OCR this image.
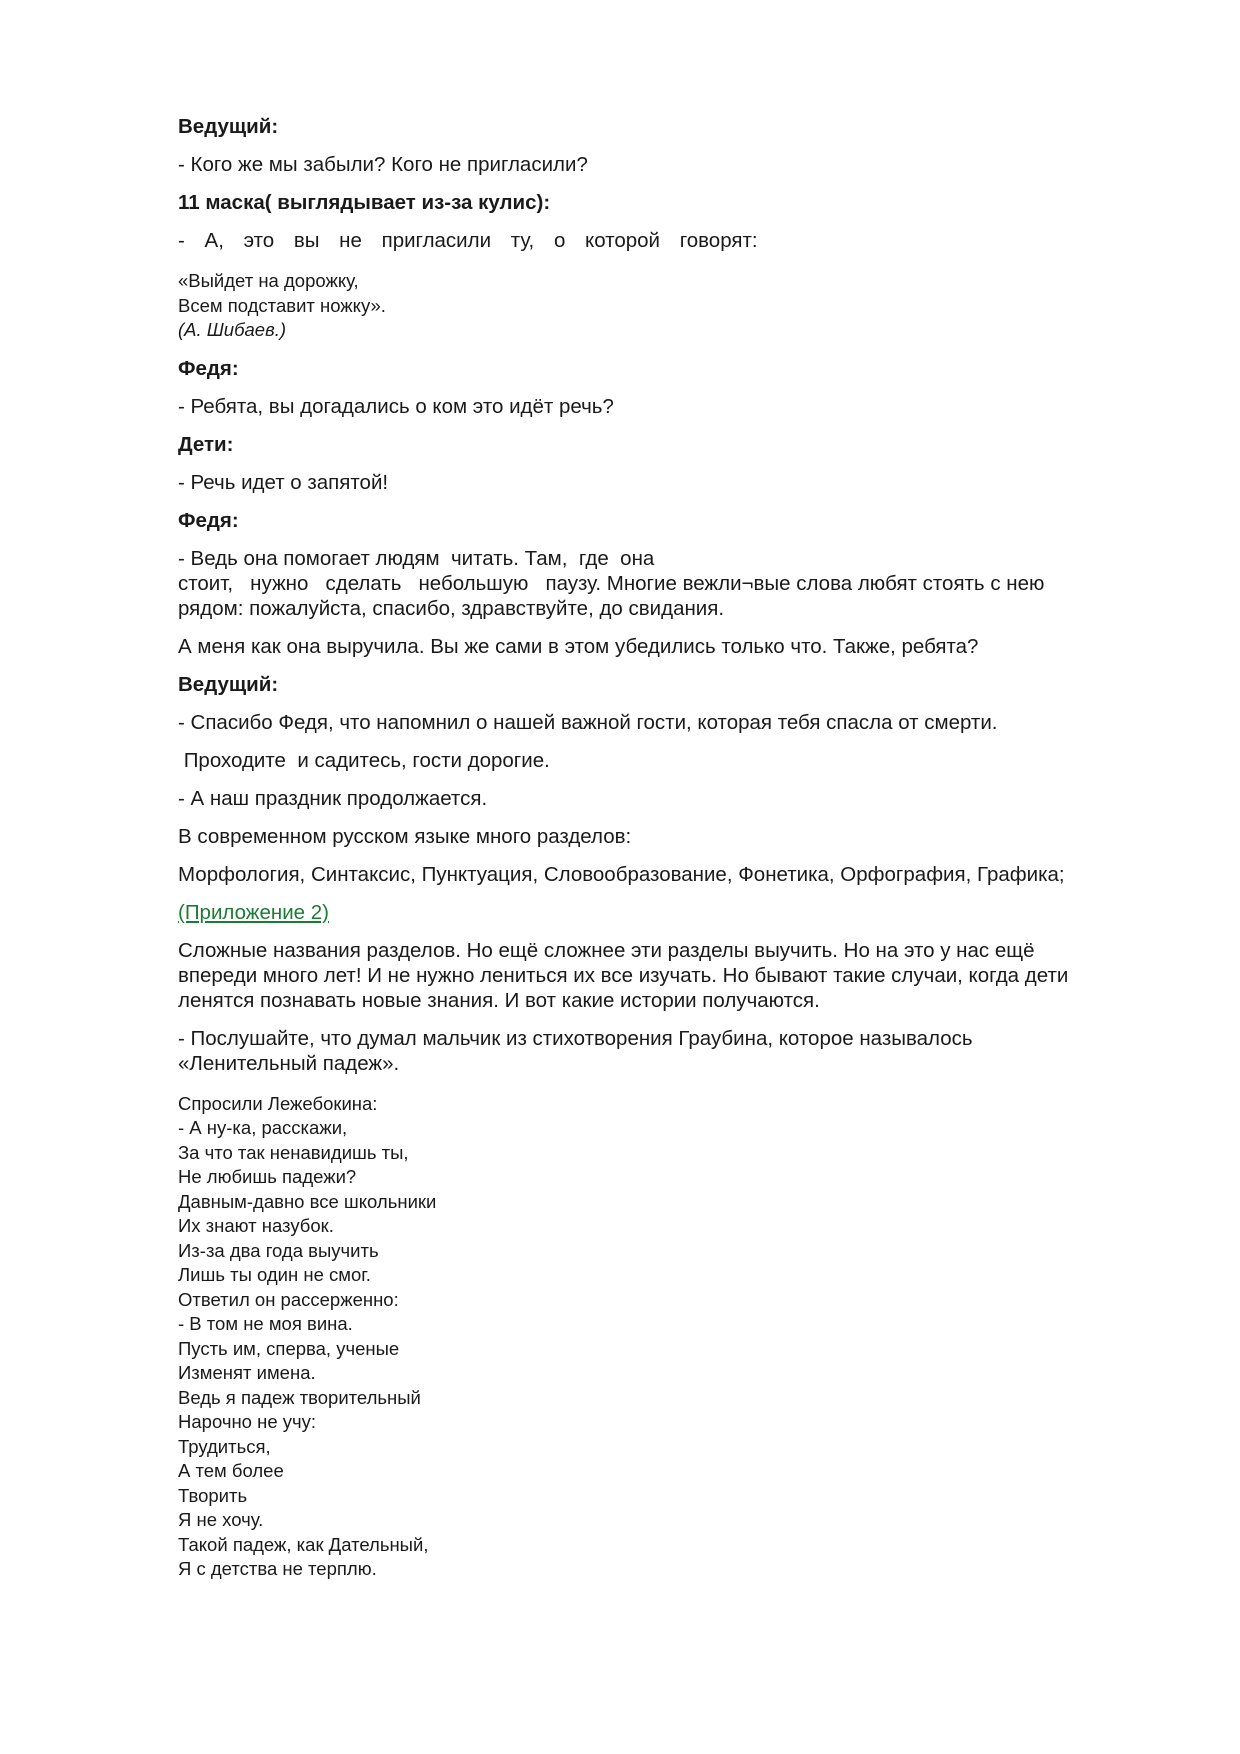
Ведущий:

- Кого же мы забыли? Кого не пригласили?

11 маска( выглядывает из-за кулис):

- А, это вы не пригласили ту, о которой говорят:

«Выйдет на дорожку,
Всем подставит ножку».
(А. Шибаев.)

Федя:

- Ребята, вы догадались о ком это идёт речь?

Дети:

- Речь идет о запятой!

Федя:

- Ведь она помогает людям  читать. Там,  где  она

стоит,   нужно   сделать   небольшую   паузу. Многие вежли¬вые слова любят стоять с нею

рядом: пожалуйста, спасибо, здравствуйте, до свидания.

А меня как она выручила. Вы же сами в этом убедились только что. Также, ребята?

Ведущий:

- Спасибо Федя, что напомнил о нашей важной гости, которая тебя спасла от смерти.

Проходите  и садитесь, гости дорогие.

- А наш праздник продолжается.

В современном русском языке много разделов:

Морфология, Синтаксис, Пунктуация, Словообразование, Фонетика, Орфография, Графика;

(Приложение 2)

Сложные названия разделов. Но ещё сложнее эти разделы выучить. Но на это у нас ещё

впереди много лет! И не нужно лениться их все изучать. Но бывают такие случаи, когда дети

ленятся познавать новые знания. И вот какие истории получаются.

- Послушайте, что думал мальчик из стихотворения Граубина, которое называлось

«Ленительный падеж».

Спросили Лежебокина:
- А ну-ка, расскажи,
За что так ненавидишь ты,
Не любишь падежи?
Давным-давно все школьники
Их знают назубок.
Из-за два года выучить
Лишь ты один не смог.
Ответил он рассерженно:
- В том не моя вина.
Пусть им, сперва, ученые
Изменят имена.
Ведь я падеж творительный
Нарочно не учу:
Трудиться,
А тем более
Творить
Я не хочу.
Такой падеж, как Дательный,
Я с детства не терплю.
